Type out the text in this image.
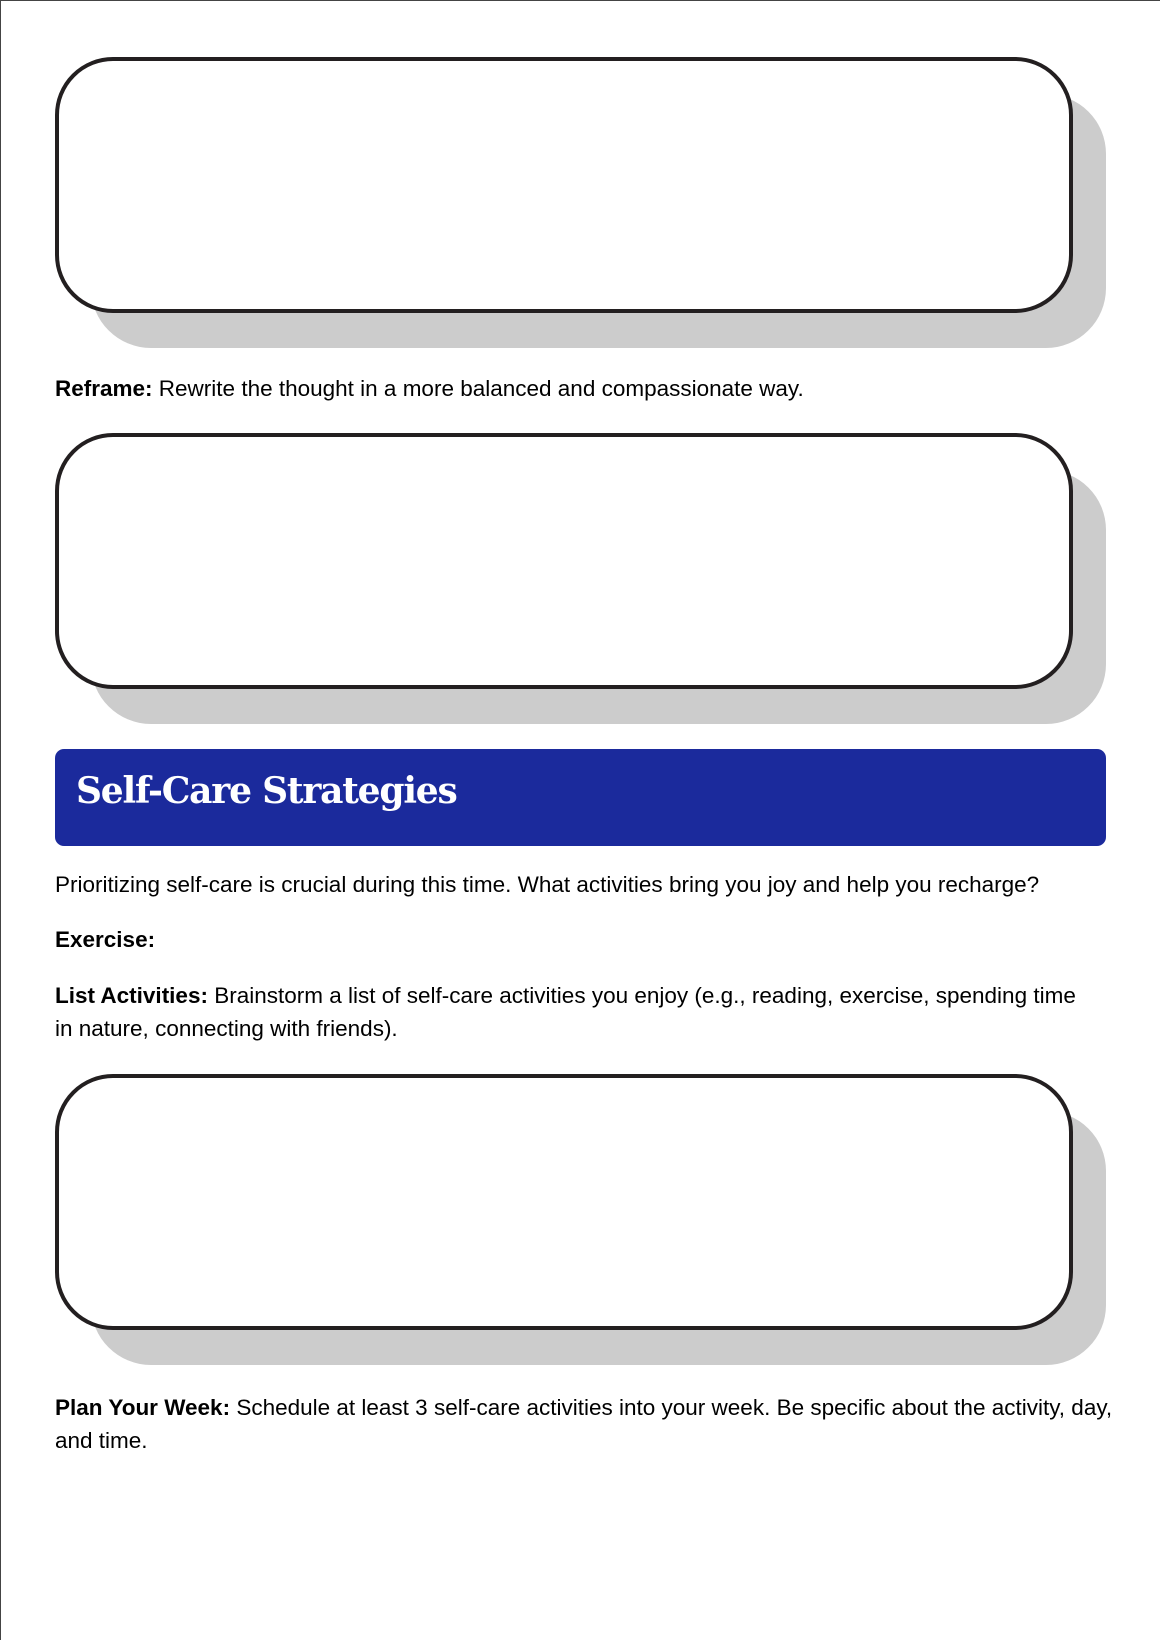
Reframe: Rewrite the thought in a more balanced and compassionate way.

Self-Care Strategies

Prioritizing self-care is crucial during this time. What activities bring you joy and help you recharge?

Exercise:

List Activities: Brainstorm a list of self-care activities you enjoy (e.g., reading, exercise, spending time in nature, connecting with friends).

Plan Your Week: Schedule at least 3 self-care activities into your week. Be specific about the activity, day, and time.
